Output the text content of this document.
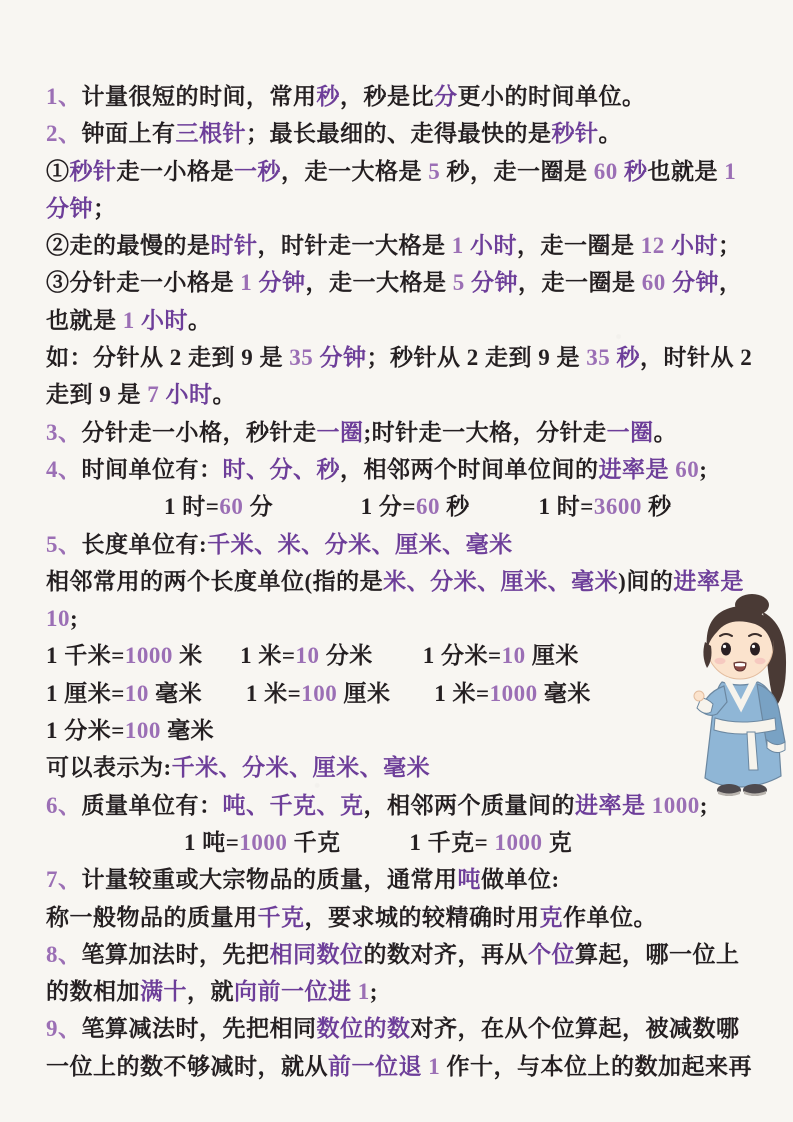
1、计量很短的时间，常用秒，秒是比分更小的时间单位。
2、钟面上有三根针；最长最细的、走得最快的是秒针。
①秒针走一小格是一秒，走一大格是 5 秒，走一圈是 60 秒也就是 1
分钟；
②走的最慢的是时针，时针走一大格是 1 小时，走一圈是 12 小时；
③分针走一小格是 1 分钟，走一大格是 5 分钟，走一圈是 60 分钟，
也就是 1 小时。
如：分针从 2 走到 9 是 35 分钟；秒针从 2 走到 9 是 35 秒，时针从 2
走到 9 是 7 小时。
3、分针走一小格，秒针走一圈;时针走一大格，分针走一圈。
4、时间单位有：时、分、秒，相邻两个时间单位间的进率是 60;
1 时=60 分	1 分=60 秒	1 时=3600 秒
5、长度单位有:千米、米、分米、厘米、毫米
相邻常用的两个长度单位(指的是米、分米、厘米、毫米)间的进率是
10;
1 千米=1000 米 1 米=10 分米 1 分米=10 厘米
1 厘米=10 毫米 1 米=100 厘米 1 米=1000 毫米
1 分米=100 毫米
可以表示为:千米、分米、厘米、毫米
6、质量单位有：吨、千克、克，相邻两个质量间的进率是 1000;
1 吨=1000 千克	1 千克= 1000 克
7、计量较重或大宗物品的质量，通常用吨做单位:
称一般物品的质量用千克，要求城的较精确时用克作单位。
8、笔算加法时，先把相同数位的数对齐，再从个位算起，哪一位上
的数相加满十，就向前一位进 1;
9、笔算减法时，先把相同数位的数对齐，在从个位算起，被减数哪
一位上的数不够减时，就从前一位退 1 作十，与本位上的数加起来再
